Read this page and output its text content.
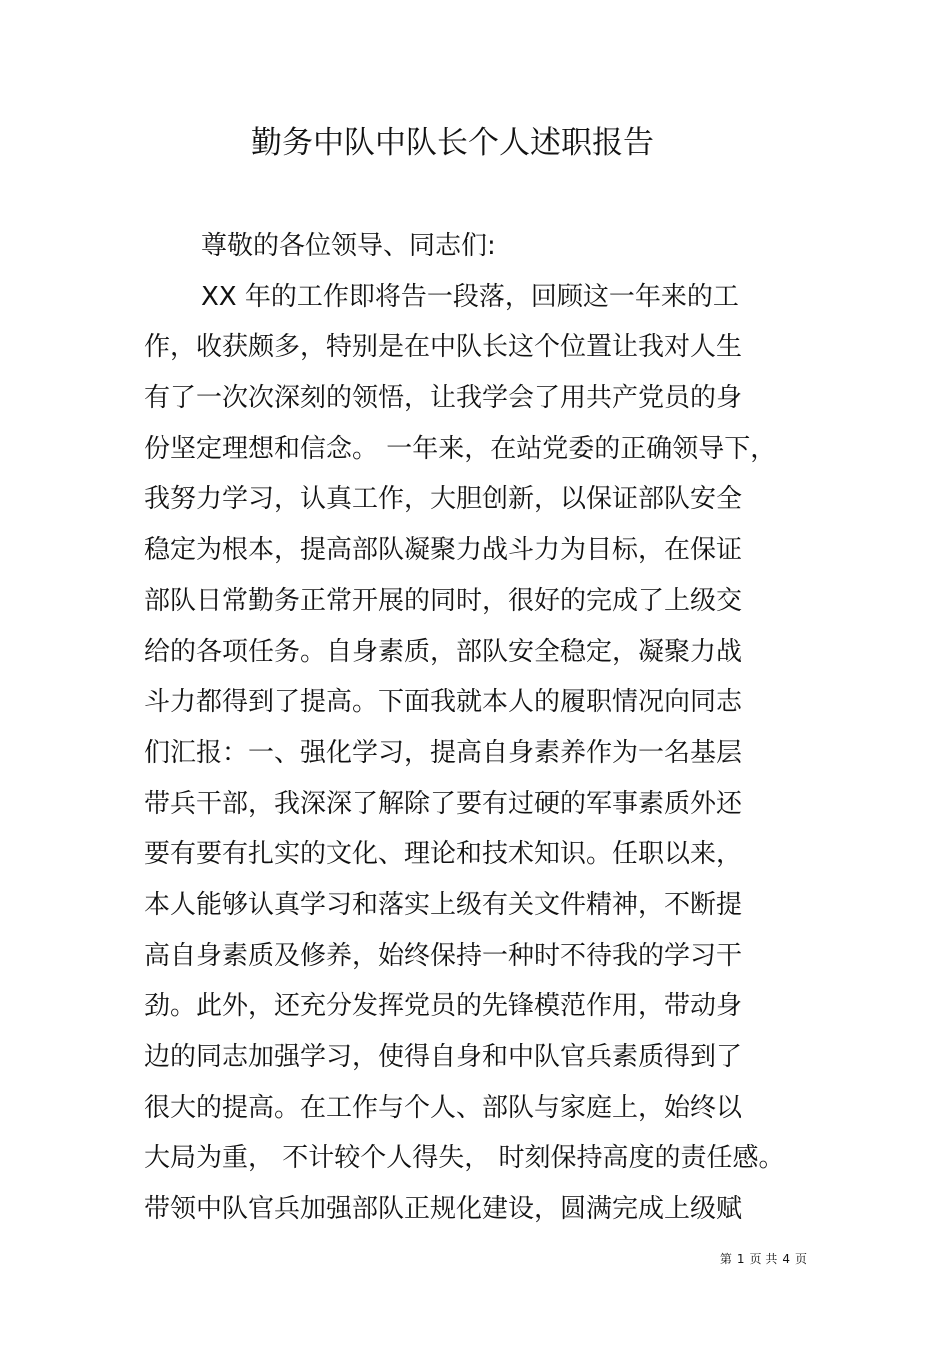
勤务中队中队长个人述职报告
尊敬的各位领导、同志们:
XX 年的工作即将告一段落，回顾这一年来的工
作，收获颇多，特别是在中队长这个位置让我对人生
有了一次次深刻的领悟，让我学会了用共产党员的身
份坚定理想和信念。 一年来，在站党委的正确领导下，
我努力学习，认真工作，大胆创新，以保证部队安全
稳定为根本，提高部队凝聚力战斗力为目标，在保证
部队日常勤务正常开展的同时，很好的完成了上级交
给的各项任务。自身素质，部队安全稳定，凝聚力战
斗力都得到了提高。下面我就本人的履职情况向同志
们汇报：一、强化学习，提高自身素养作为一名基层
带兵干部，我深深了解除了要有过硬的军事素质外还
要有要有扎实的文化、理论和技术知识。任职以来，
本人能够认真学习和落实上级有关文件精神，不断提
高自身素质及修养，始终保持一种时不待我的学习干
劲。此外，还充分发挥党员的先锋模范作用，带动身
边的同志加强学习，使得自身和中队官兵素质得到了
很大的提高。在工作与个人、部队与家庭上，始终以
大局为重， 不计较个人得失， 时刻保持高度的责任感。
带领中队官兵加强部队正规化建设，圆满完成上级赋
第 1 页 共 4 页
